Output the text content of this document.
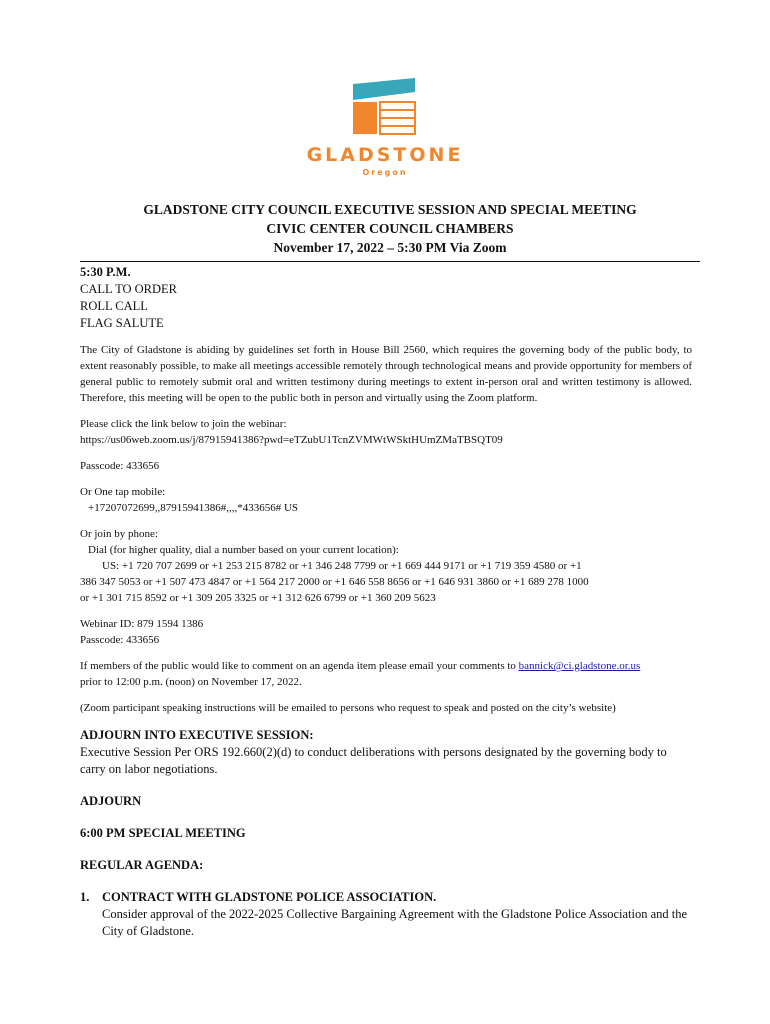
GLADSTONE
Oregon
GLADSTONE CITY COUNCIL EXECUTIVE SESSION AND SPECIAL MEETING
CIVIC CENTER COUNCIL CHAMBERS
November 17, 2022 – 5:30 PM Via Zoom
5:30 P.M.
CALL TO ORDER
ROLL CALL
FLAG SALUTE

The City of Gladstone is abiding by guidelines set forth in House Bill 2560, which requires the governing body of the public body, to extent reasonably possible, to make all meetings accessible remotely through technological means and provide opportunity for members of general public to remotely submit oral and written testimony during meetings to extent in-person oral and written testimony is allowed. Therefore, this meeting will be open to the public both in person and virtually using the Zoom platform.

Please click the link below to join the webinar:
https://us06web.zoom.us/j/87915941386?pwd=eTZubU1TcnZVMWtWSktHUmZMaTBSQT09
Passcode: 433656
Or One tap mobile:
+17207072699,,87915941386#,,,,*433656# US
Or join by phone:
Dial (for higher quality, dial a number based on your current location):
US: +1 720 707 2699 or +1 253 215 8782 or +1 346 248 7799 or +1 669 444 9171 or +1 719 359 4580 or +1
386 347 5053 or +1 507 473 4847 or +1 564 217 2000 or +1 646 558 8656 or +1 646 931 3860 or +1 689 278 1000
or +1 301 715 8592 or +1 309 205 3325 or +1 312 626 6799 or +1 360 209 5623
Webinar ID: 879 1594 1386
Passcode: 433656
If members of the public would like to comment on an agenda item please email your comments to bannick@ci.gladstone.or.us
prior to 12:00 p.m. (noon) on November 17, 2022.

(Zoom participant speaking instructions will be emailed to persons who request to speak and posted on the city’s website)

ADJOURN INTO EXECUTIVE SESSION:
Executive Session Per ORS 192.660(2)(d) to conduct deliberations with persons designated by the governing body to carry on labor negotiations.
ADJOURN
6:00 PM SPECIAL MEETING
REGULAR AGENDA:
1.	CONTRACT WITH GLADSTONE POLICE ASSOCIATION.
Consider approval of the 2022-2025 Collective Bargaining Agreement with the Gladstone Police Association and the City of Gladstone.
